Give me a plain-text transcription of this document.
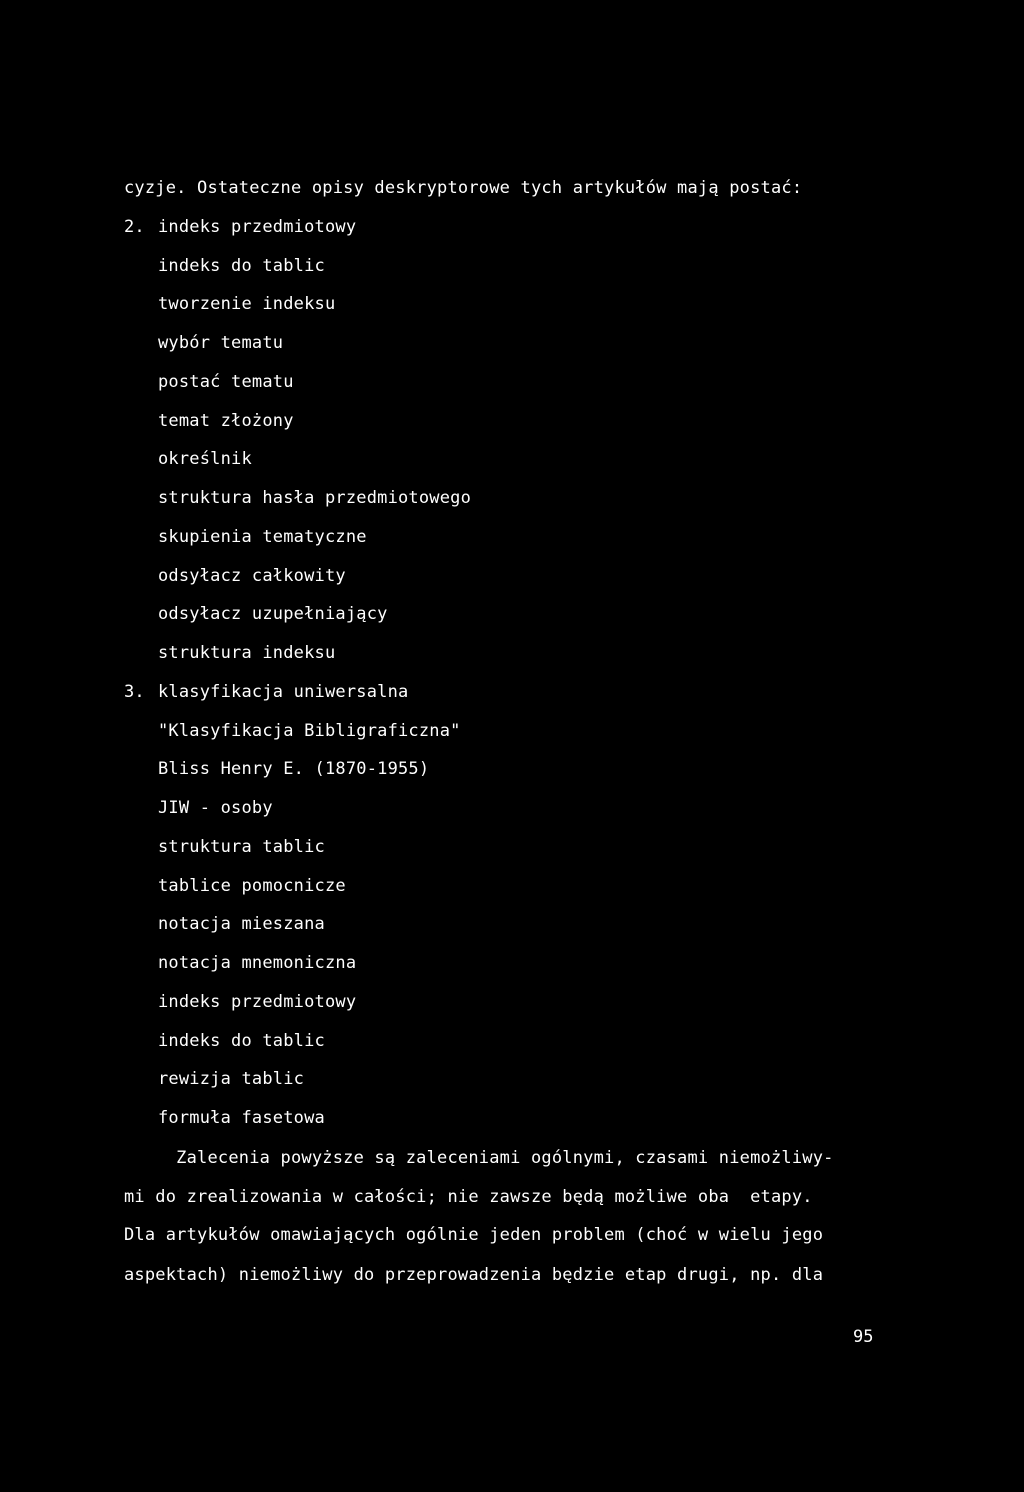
cyzje. Ostateczne opisy deskryptorowe tych artykułów mają postać:
2. indeks przedmiotowy
indeks do tablic
tworzenie indeksu
wybór tematu
postać tematu
temat złożony
określnik
struktura hasła przedmiotowego
skupienia tematyczne
odsyłacz całkowity
odsyłacz uzupełniający
struktura indeksu
3. klasyfikacja uniwersalna
"Klasyfikacja Bibligraficzna"
Bliss Henry E. (1870-1955)
JIW - osoby
struktura tablic
tablice pomocnicze
notacja mieszana
notacja mnemoniczna
indeks przedmiotowy
indeks do tablic
rewizja tablic
formuła fasetowa
Zalecenia powyższe są zaleceniami ogólnymi, czasami niemożliwy-
mi do zrealizowania w całości; nie zawsze będą możliwe oba  etapy.
Dla artykułów omawiających ogólnie jeden problem (choć w wielu jego
aspektach) niemożliwy do przeprowadzenia będzie etap drugi, np. dla
95
